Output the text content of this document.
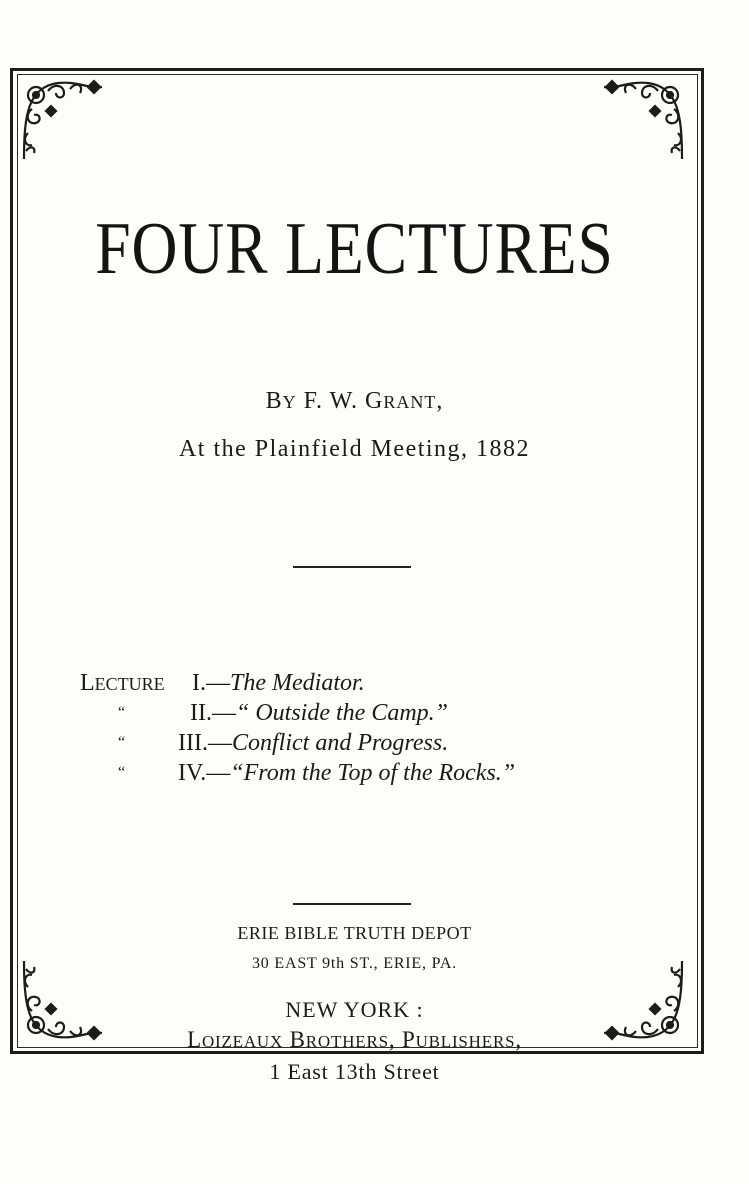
FOUR LECTURES
BY F. W. GRANT,
At the Plainfield Meeting, 1882
LECTURE I.—The Mediator.
“	II.—“ Outside the Camp.”
“ III.—Conflict and Progress.
“ IV.—“From the Top of the Rocks.”
ERIE BIBLE TRUTH DEPOT
30 EAST 9th ST., ERIE, PA.
NEW YORK :
LOIZEAUX BROTHERS, PUBLISHERS,
1 East 13th Street
